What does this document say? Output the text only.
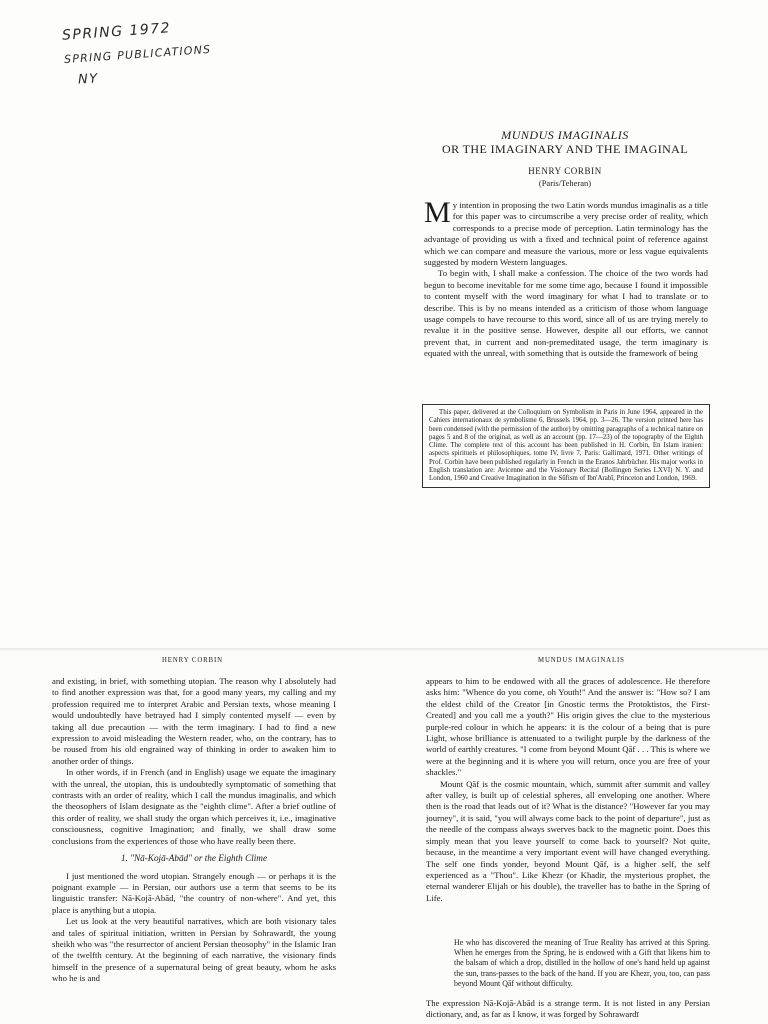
SPRING 1972
SPRING PUBLICATIONS
NY
MUNDUS IMAGINALIS
OR THE IMAGINARY AND THE IMAGINAL
HENRY CORBIN
(Paris/Teheran)

My intention in proposing the two Latin words mundus imaginalis as a title for this paper was to circumscribe a very precise order of reality, which corresponds to a precise mode of perception. Latin terminology has the advantage of providing us with a fixed and technical point of reference against which we can compare and measure the various, more or less vague equivalents suggested by modern Western languages.

To begin with, I shall make a confession. The choice of the two words had begun to become inevitable for me some time ago, because I found it impossible to content myself with the word imaginary for what I had to translate or to describe. This is by no means intended as a criticism of those whom language usage compels to have recourse to this word, since all of us are trying merely to revalue it in the positive sense. However, despite all our efforts, we cannot prevent that, in current and non-premeditated usage, the term imaginary is equated with the unreal, with something that is outside the framework of being

This paper, delivered at the Colloquium on Symbolism in Paris in June 1964, appeared in the Cahiers internationaux de symbolisme 6, Brussels 1964, pp. 3—26. The version printed here has been condensed (with the permission of the author) by omitting paragraphs of a technical nature on pages 5 and 8 of the original, as well as an account (pp. 17—23) of the topography of the Eighth Clime. The complete text of this account has been published in H. Corbin, En Islam iranien: aspects spirituels et philosophiques, tome IV, livre 7, Paris: Gallimard, 1971. Other writings of Prof. Corbin have been published regularly in French in the Eranos Jahrbücher. His major works in English translation are: Avicenne and the Visionary Recital (Bollingen Series LXVI) N. Y. and London, 1960 and Creative Imagination in the Sūfism of Ibn'Arabī, Princeton and London, 1969.

HENRY CORBIN	MUNDUS IMAGINALIS

and existing, in brief, with something utopian. The reason why I absolutely had to find another expression was that, for a good many years, my calling and my profession required me to interpret Arabic and Persian texts, whose meaning I would undoubtedly have betrayed had I simply contented myself — even by taking all due precaution — with the term imaginary. I had to find a new expression to avoid misleading the Western reader, who, on the contrary, has to be roused from his old engrained way of thinking in order to awaken him to another order of things.

In other words, if in French (and in English) usage we equate the imaginary with the unreal, the utopian, this is undoubtedly symptomatic of something that contrasts with an order of reality, which I call the mundus imaginalis, and which the theosophers of Islam designate as the "eighth clime". After a brief outline of this order of reality, we shall study the organ which perceives it, i.e., imaginative consciousness, cognitive Imagination; and finally, we shall draw some conclusions from the experiences of those who have really been there.

1. "Nā-Kojā-Abād" or the Eighth Clime

I just mentioned the word utopian. Strangely enough — or perhaps it is the poignant example — in Persian, our authors use a term that seems to be its linguistic transfer: Nā-Kojā-Abād, "the country of non-where". And yet, this place is anything but a utopia.

Let us look at the very beautiful narratives, which are both visionary tales and tales of spiritual initiation, written in Persian by Sohrawardī, the young sheikh who was "the resurrector of ancient Persian theosophy" in the Islamic Iran of the twelfth century. At the beginning of each narrative, the visionary finds himself in the presence of a supernatural being of great beauty, whom he asks who he is and

appears to him to be endowed with all the graces of adolescence. He therefore asks him: "Whence do you come, oh Youth!" And the answer is: "How so? I am the eldest child of the Creator [in Gnostic terms the Protoktistos, the First-Created] and you call me a youth?" His origin gives the clue to the mysterious purple-red colour in which he appears: it is the colour of a being that is pure Light, whose brilliance is attenuated to a twilight purple by the darkness of the world of earthly creatures. "I come from beyond Mount Qāf . . . This is where we were at the beginning and it is where you will return, once you are free of your shackles."

Mount Qāf is the cosmic mountain, which, summit after summit and valley after valley, is built up of celestial spheres, all enveloping one another. Where then is the road that leads out of it? What is the distance? "However far you may journey", it is said, "you will always come back to the point of departure", just as the needle of the compass always swerves back to the magnetic point. Does this simply mean that you leave yourself to come back to yourself? Not quite, because, in the meantime a very important event will have changed everything. The self one finds yonder, beyond Mount Qāf, is a higher self, the self experienced as a "Thou". Like Khezr (or Khadir, the mysterious prophet, the eternal wanderer Elijah or his double), the traveller has to bathe in the Spring of Life.

He who has discovered the meaning of True Reality has arrived at this Spring. When he emerges from the Spring, he is endowed with a Gift that likens him to the balsam of which a drop, distilled in the hollow of one's hand held up against the sun, trans-passes to the back of the hand. If you are Khezr, you, too, can pass beyond Mount Qāf without difficulty.

The expression Nā-Kojā-Abād is a strange term. It is not listed in any Persian dictionary, and, as far as I know, it was forged by Sohrawardī
